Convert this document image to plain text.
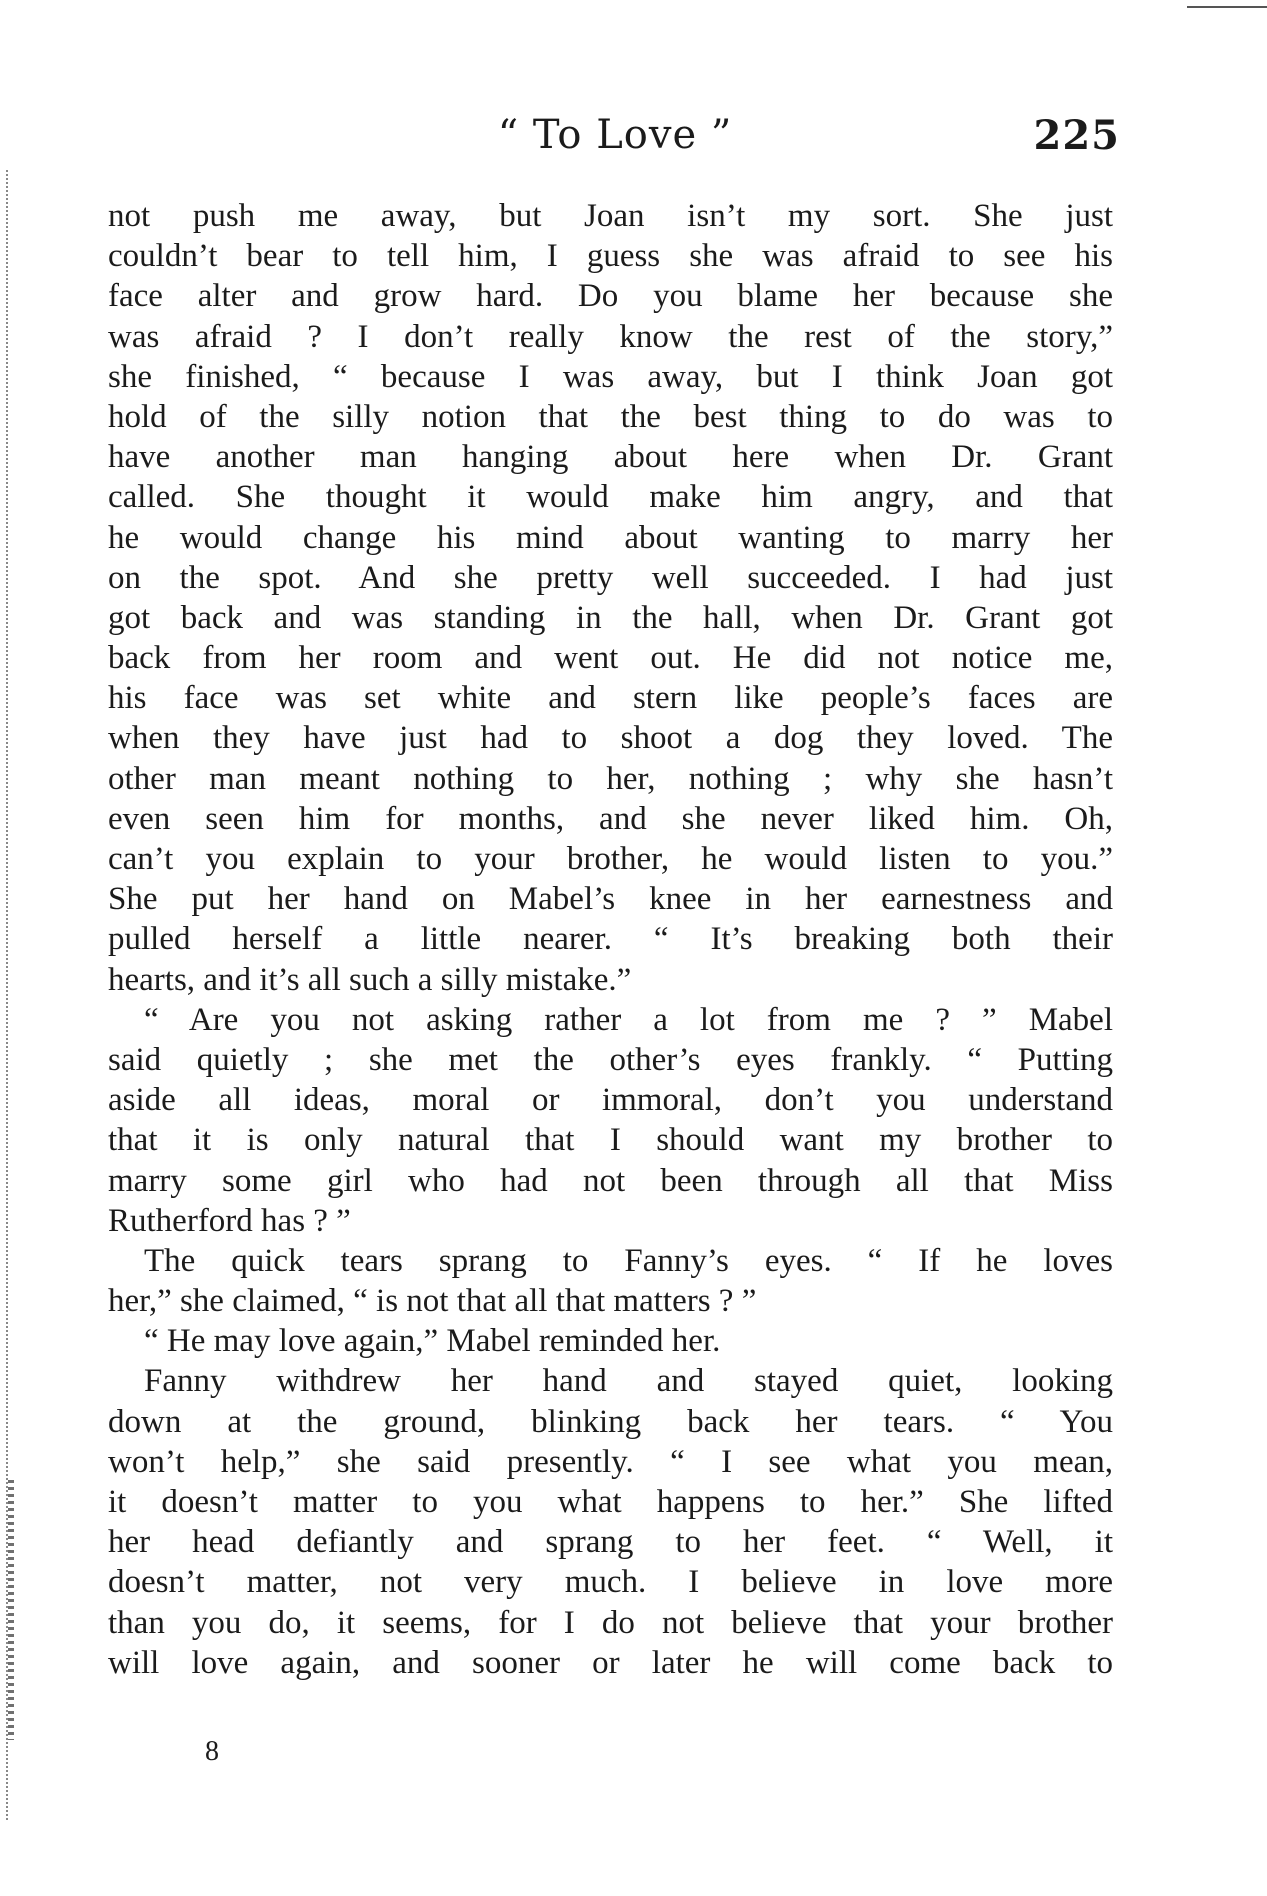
“ To Love ”	225
not push me away, but Joan isn’t my sort. She just
couldn’t bear to tell him, I guess she was afraid to see his
face alter and grow hard. Do you blame her because she
was afraid ? I don’t really know the rest of the story,”
she finished, “ because I was away, but I think Joan got
hold of the silly notion that the best thing to do was to
have another man hanging about here when Dr. Grant
called. She thought it would make him angry, and that
he would change his mind about wanting to marry her
on the spot. And she pretty well succeeded. I had just
got back and was standing in the hall, when Dr. Grant got
back from her room and went out. He did not notice me,
his face was set white and stern like people’s faces are
when they have just had to shoot a dog they loved. The
other man meant nothing to her, nothing ; why she hasn’t
even seen him for months, and she never liked him. Oh,
can’t you explain to your brother, he would listen to you.”
She put her hand on Mabel’s knee in her earnestness and
pulled herself a little nearer. “ It’s breaking both their
hearts, and it’s all such a silly mistake.”
“ Are you not asking rather a lot from me ? ” Mabel
said quietly ; she met the other’s eyes frankly. “ Putting
aside all ideas, moral or immoral, don’t you understand
that it is only natural that I should want my brother to
marry some girl who had not been through all that Miss
Rutherford has ? ”
The quick tears sprang to Fanny’s eyes. “ If he loves
her,” she claimed, “ is not that all that matters ? ”
“ He may love again,” Mabel reminded her.
Fanny withdrew her hand and stayed quiet, looking
down at the ground, blinking back her tears. “ You
won’t help,” she said presently. “ I see what you mean,
it doesn’t matter to you what happens to her.” She lifted
her head defiantly and sprang to her feet. “ Well, it
doesn’t matter, not very much. I believe in love more
than you do, it seems, for I do not believe that your brother
will love again, and sooner or later he will come back to
8
